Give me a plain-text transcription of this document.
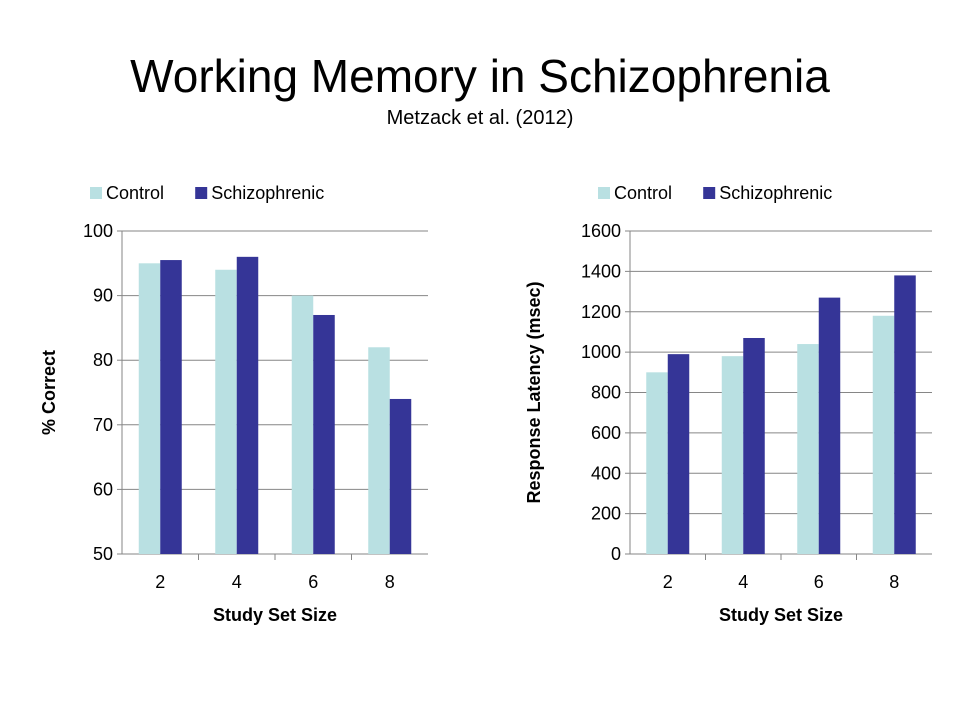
Working Memory in Schizophrenia
Metzack et al. (2012)
50
60
70
80
90
100
2	4	6	8
Study Set Size
% Correct
Control	Schizophrenic
0
200
400
600
800
1000
1200
1400
1600
2	4	6	8
Study Set Size
Response Latency (msec)
Control	Schizophrenic
